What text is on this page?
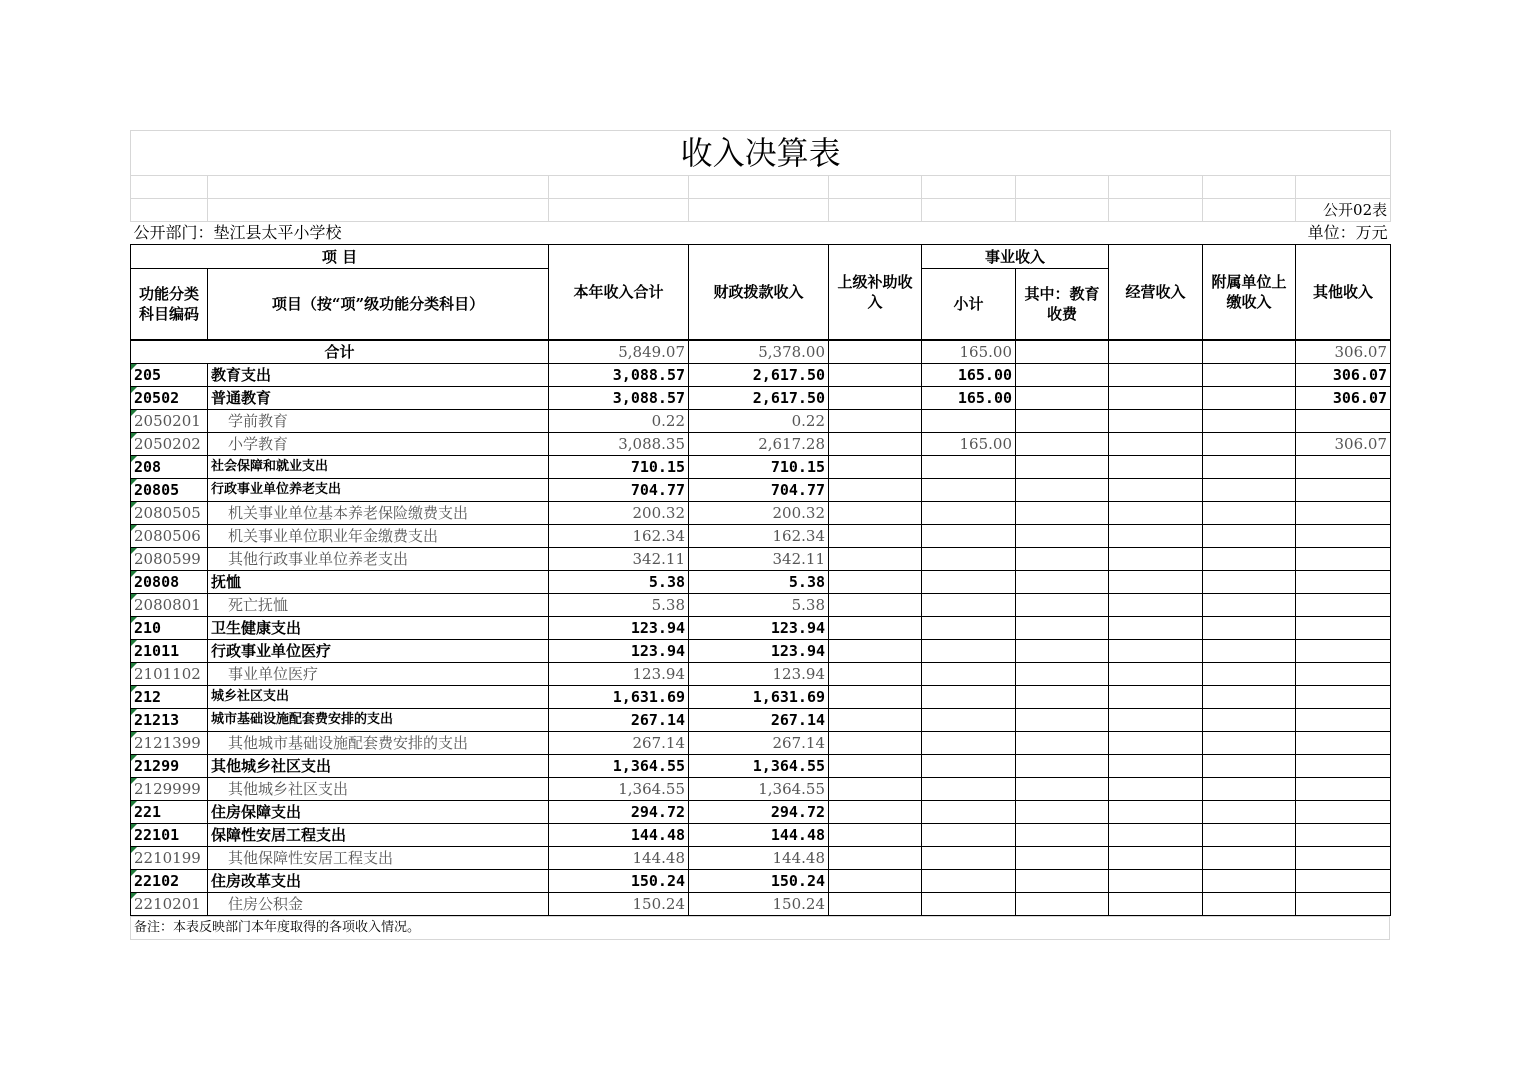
收入决算表									

									公开02表
公开部门：垫江县太平小学校					单位：万元				
项 目		本年收入合计	财政拨款收入	上级补助收入	事业收入		经营收入	附属单位上缴收入	其他收入
功能分类科目编码	项目（按“项”级功能分类科目）				小计	其中：教育收费			
合计		5,849.07	5,378.00		165.00				306.07
205	教育支出	3,088.57	2,617.50		165.00				306.07
20502	普通教育	3,088.57	2,617.50		165.00				306.07
2050201	学前教育	0.22	0.22						
2050202	小学教育	3,088.35	2,617.28		165.00				306.07
208	社会保障和就业支出	710.15	710.15						
20805	行政事业单位养老支出	704.77	704.77						
2080505	机关事业单位基本养老保险缴费支出	200.32	200.32						
2080506	机关事业单位职业年金缴费支出	162.34	162.34						
2080599	其他行政事业单位养老支出	342.11	342.11						
20808	抚恤	5.38	5.38						
2080801	死亡抚恤	5.38	5.38						
210	卫生健康支出	123.94	123.94						
21011	行政事业单位医疗	123.94	123.94						
2101102	事业单位医疗	123.94	123.94						
212	城乡社区支出	1,631.69	1,631.69						
21213	城市基础设施配套费安排的支出	267.14	267.14						
2121399	其他城市基础设施配套费安排的支出	267.14	267.14						
21299	其他城乡社区支出	1,364.55	1,364.55						
2129999	其他城乡社区支出	1,364.55	1,364.55						
221	住房保障支出	294.72	294.72						
22101	保障性安居工程支出	144.48	144.48						
2210199	其他保障性安居工程支出	144.48	144.48						
22102	住房改革支出	150.24	150.24						
2210201	住房公积金	150.24	150.24						
备注：本表反映部门本年度取得的各项收入情况。
